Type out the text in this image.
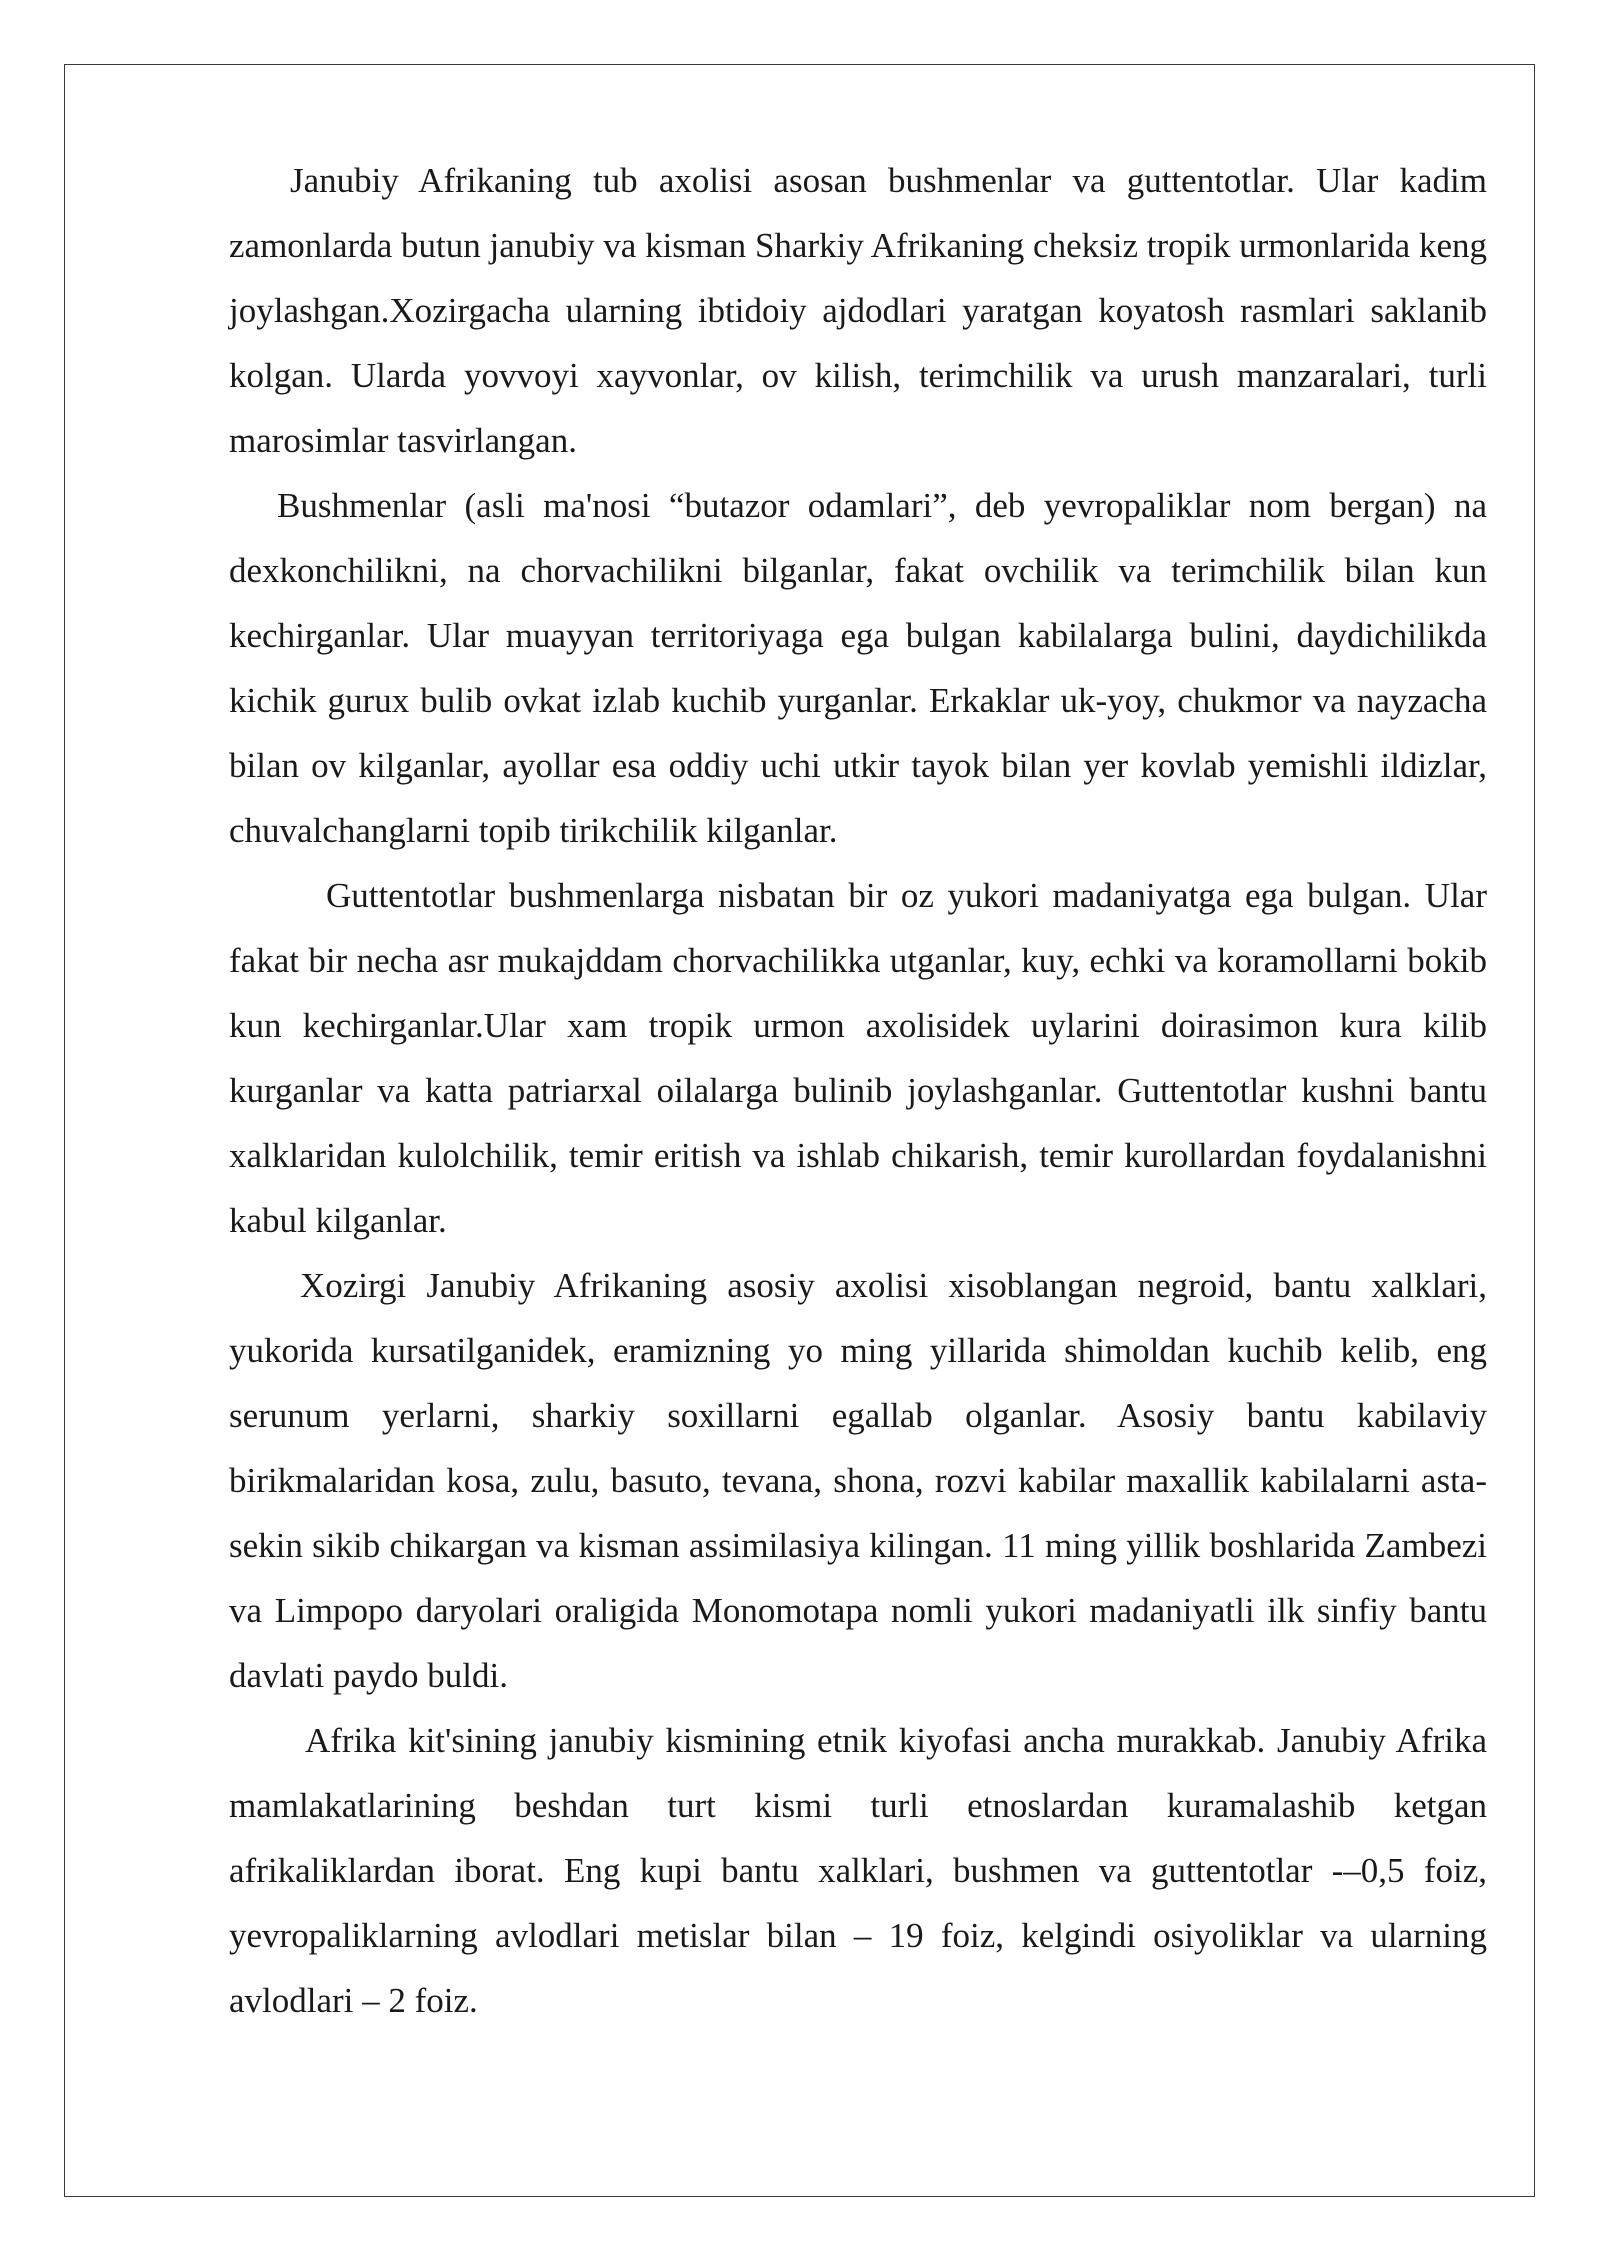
Janubiy Afrikaning tub axolisi asosan bushmenlar va guttentotlar. Ular kadim zamonlarda butun janubiy va kisman Sharkiy Afrikaning cheksiz tropik urmonlarida keng joylashgan.Xozirgacha ularning ibtidoiy ajdodlari yaratgan koyatosh rasmlari saklanib kolgan. Ularda yovvoyi xayvonlar, ov kilish, terimchilik va urush manzaralari, turli marosimlar tasvirlangan.

Bushmenlar (asli ma'nosi “butazor odamlari”, deb yevropaliklar nom bergan) na dexkonchilikni, na chorvachilikni bilganlar, fakat ovchilik va terimchilik bilan kun kechirganlar. Ular muayyan territoriyaga ega bulgan kabilalarga bulini, daydichilikda kichik gurux bulib ovkat izlab kuchib yurganlar. Erkaklar uk-yoy, chukmor va nayzacha bilan ov kilganlar, ayollar esa oddiy uchi utkir tayok bilan yer kovlab yemishli ildizlar, chuvalchanglarni topib tirikchilik kilganlar.

Guttentotlar bushmenlarga nisbatan bir oz yukori madaniyatga ega bulgan. Ular fakat bir necha asr mukajddam chorvachilikka utganlar, kuy, echki va koramollarni bokib kun kechirganlar.Ular xam tropik urmon axolisidek uylarini doirasimon kura kilib kurganlar va katta patriarxal oilalarga bulinib joylashganlar. Guttentotlar kushni bantu xalklaridan kulolchilik, temir eritish va ishlab chikarish, temir kurollardan foydalanishni kabul kilganlar.

Xozirgi Janubiy Afrikaning asosiy axolisi xisoblangan negroid, bantu xalklari, yukorida kursatilganidek, eramizning yo ming yillarida shimoldan kuchib kelib, eng serunum yerlarni, sharkiy soxillarni egallab olganlar. Asosiy bantu kabilaviy birikmalaridan kosa, zulu, basuto, tevana, shona, rozvi kabilar maxallik kabilalarni asta-sekin sikib chikargan va kisman assimilasiya kilingan. 11 ming yillik boshlarida Zambezi va Limpopo daryolari oraligida Monomotapa nomli yukori madaniyatli ilk sinfiy bantu davlati paydo buldi.

Afrika kit'sining janubiy kismining etnik kiyofasi ancha murakkab. Janubiy Afrika mamlakatlarining beshdan turt kismi turli etnoslardan kuramalashib ketgan afrikaliklardan iborat. Eng kupi bantu xalklari, bushmen va guttentotlar -–0,5 foiz, yevropaliklarning avlodlari metislar bilan – 19 foiz, kelgindi osiyoliklar va ularning avlodlari – 2 foiz.
